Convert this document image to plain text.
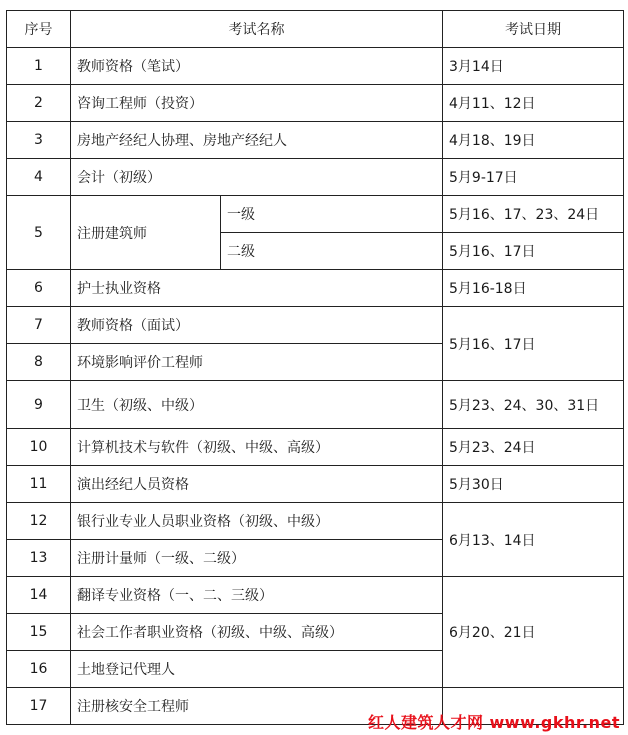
序号	考试名称		考试日期
1	教师资格（笔试）		3月14日
2	咨询工程师（投资）		4月11、12日
3	房地产经纪人协理、房地产经纪人		4月18、19日
4	会计（初级）		5月9-17日
5	注册建筑师	一级	5月16、17、23、24日
		二级	5月16、17日
6	护士执业资格		5月16-18日
7	教师资格（面试）		5月16、17日
8	环境影响评价工程师		
9	卫生（初级、中级）		5月23、24、30、31日
10	计算机技术与软件（初级、中级、高级）		5月23、24日
11	演出经纪人员资格		5月30日
12	银行业专业人员职业资格（初级、中级）		6月13、14日
13	注册计量师（一级、二级）		
14	翻译专业资格（一、二、三级）		6月20、21日
15	社会工作者职业资格（初级、中级、高级）		
16	土地登记代理人		
17	注册核安全工程师		
红人建筑人才网 www.gkhr.net
